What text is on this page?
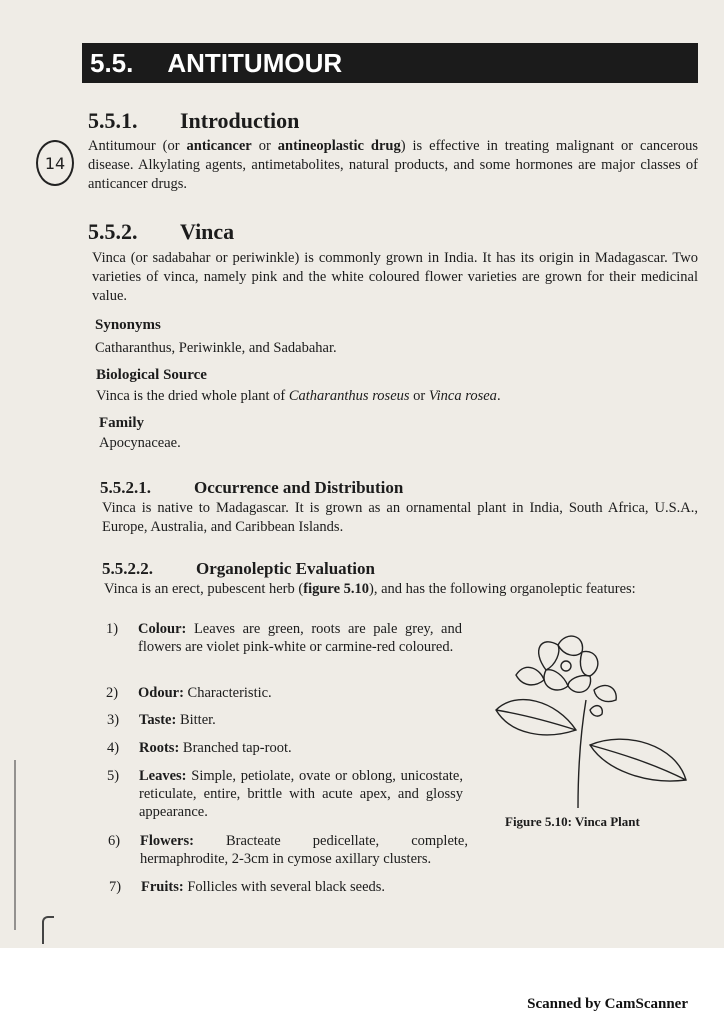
5.5. ANTITUMOUR
5.5.1. Introduction
14
Antitumour (or anticancer or antineoplastic drug) is effective in treating malignant or cancerous disease. Alkylating agents, antimetabolites, natural products, and some hormones are major classes of anticancer drugs.
5.5.2. Vinca
Vinca (or sadabahar or periwinkle) is commonly grown in India. It has its origin in Madagascar. Two varieties of vinca, namely pink and the white coloured flower varieties are grown for their medicinal value.
Synonyms
Catharanthus, Periwinkle, and Sadabahar.
Biological Source
Vinca is the dried whole plant of Catharanthus roseus or Vinca rosea.
Family
Apocynaceae.
5.5.2.1.	Occurrence and Distribution
Vinca is native to Madagascar. It is grown as an ornamental plant in India, South Africa, U.S.A., Europe, Australia, and Caribbean Islands.
5.5.2.2.	Organoleptic Evaluation
Vinca is an erect, pubescent herb (figure 5.10), and has the following organoleptic features:
1) Colour: Leaves are green, roots are pale grey, and flowers are violet pink-white or carmine-red coloured.
2) Odour: Characteristic.
3) Taste: Bitter.
4) Roots: Branched tap-root.
5) Leaves: Simple, petiolate, ovate or oblong, unicostate, reticulate, entire, brittle with acute apex, and glossy appearance.
6) Flowers: Bracteate pedicellate, complete, hermaphrodite, 2-3cm in cymose axillary clusters.
7) Fruits: Follicles with several black seeds.
Figure 5.10: Vinca Plant
Scanned by CamScanner
